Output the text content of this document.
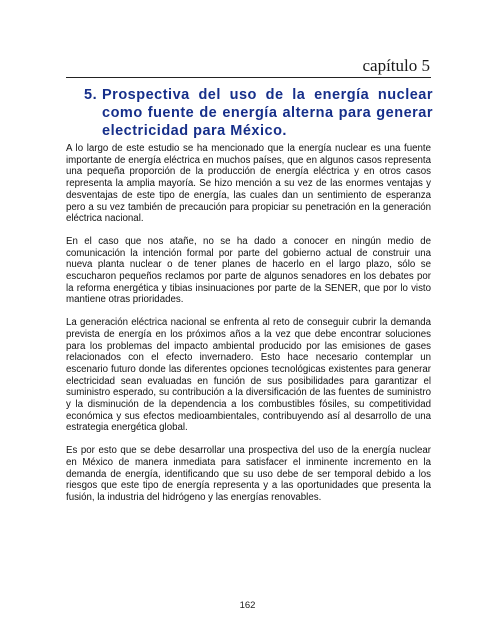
capítulo 5
5. Prospectiva del uso de la energía nuclear como fuente de energía alterna para generar electricidad para México.

A lo largo de este estudio se ha mencionado que la energía nuclear es una fuente importante de energía eléctrica en muchos países, que en algunos casos representa una pequeña proporción de la producción de energía eléctrica y en otros casos representa la amplia mayoría. Se hizo mención a su vez de las enormes ventajas y desventajas de este tipo de energía, las cuales dan un sentimiento de esperanza pero a su vez también de precaución para propiciar su penetración en la generación eléctrica nacional.

En el caso que nos atañe, no se ha dado a conocer en ningún medio de comunicación la intención formal por parte del gobierno actual de construir una nueva planta nuclear o de tener planes de hacerlo en el largo plazo, sólo se escucharon pequeños reclamos por parte de algunos senadores en los debates por la reforma energética y tibias insinuaciones por parte de la SENER, que por lo visto mantiene otras prioridades.

La generación eléctrica nacional se enfrenta al reto de conseguir cubrir la demanda prevista de energía en los próximos años a la vez que debe encontrar soluciones para los problemas del impacto ambiental producido por las emisiones de gases relacionados con el efecto invernadero. Esto hace necesario contemplar un escenario futuro donde las diferentes opciones tecnológicas existentes para generar electricidad sean evaluadas en función de sus posibilidades para garantizar el suministro esperado, su contribución a la diversificación de las fuentes de suministro y la disminución de la dependencia a los combustibles fósiles, su competitividad económica y sus efectos medioambientales, contribuyendo así al desarrollo de una estrategia energética global.

Es por esto que se debe desarrollar una prospectiva del uso de la energía nuclear en México de manera inmediata para satisfacer el inminente incremento en la demanda de energía, identificando que su uso debe de ser temporal debido a los riesgos que este tipo de energía representa y a las oportunidades que presenta la fusión, la industria del hidrógeno y las energías renovables.

162
